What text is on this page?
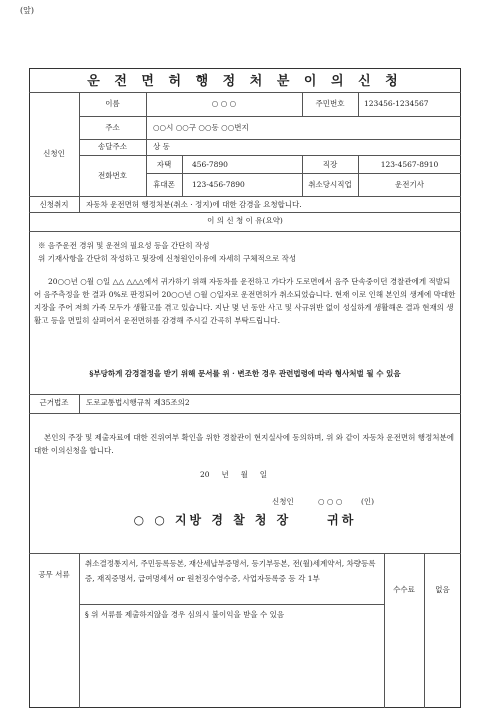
(앞)
운 전 면 허 행 정 처 분 이 의 신 청
신청인
이름	○ ○ ○	주민번호	123456-1234567
주소	○○시 ○○구 ○○동 ○○번지
송달주소	상 동
전화번호
자택	456-7890	직장	123-4567-8910
휴대폰	123-456-7890	취소당시직업	운전기사
신청취지	자동차 운전면허 행정처분(취소 · 정지)에 대한 감경을 요청합니다.
이 의 신 청 이 유(요약)
※ 음주운전 경위 및 운전의 필요성 등을 간단히 작성
위 기재사항을 간단히 작성하고 뒷장에 신청원인이유에 자세히 구체적으로 작성
20○○년 ○월 ○일 △△ △△△에서 귀가하기 위해 자동차를 운전하고 가다가 도로면에서 음주 단속중이던 경찰관에게 적발되어 음주측정을 한 결과 0%로 판정되어 20○○년 ○월 ○일자로 운전면허가 취소되었습니다. 현재 이로 인해 본인의 생계에 막대한 지장을 주어 저희 가족 모두가 생활고를 겪고 있습니다. 지난 몇 년 동안 사고 및 사규위반 없이 성실하게 생활해온 결과 현재의 생활고 등을 면밀히 살펴어서 운전면허를 감경해 주시길 간곡히 부탁드립니다.
§부당하게 감경결정을 받기 위해 문서를 위 · 변조한 경우 관련법령에 따라 형사처벌 될 수 있음
근거법조	도로교통법시행규칙 제35조의2
본인의 주장 및 제출자료에 대한 진위여부 확인을 위한 경찰관이 현지실사에 동의하며, 위 와 같이 자동차 운전면허 행정처분에 대한 이의신청을 합니다.
20     년     월     일
신청인	○ ○ ○ (인)
○ ○ 지방 경 찰 청 장     귀하
공무 서류
취소결정통지서, 주민등록등본, 재산세납부증명서, 등기부등본, 전(월)세계약서, 차량등록증, 재직증명서, 급여명세서 or 원천징수영수증, 사업자등록증 등 각 1부
§ 위 서류를 제출하지않을 경우 심의시 불이익을 받을 수 있음
수수료	없음
